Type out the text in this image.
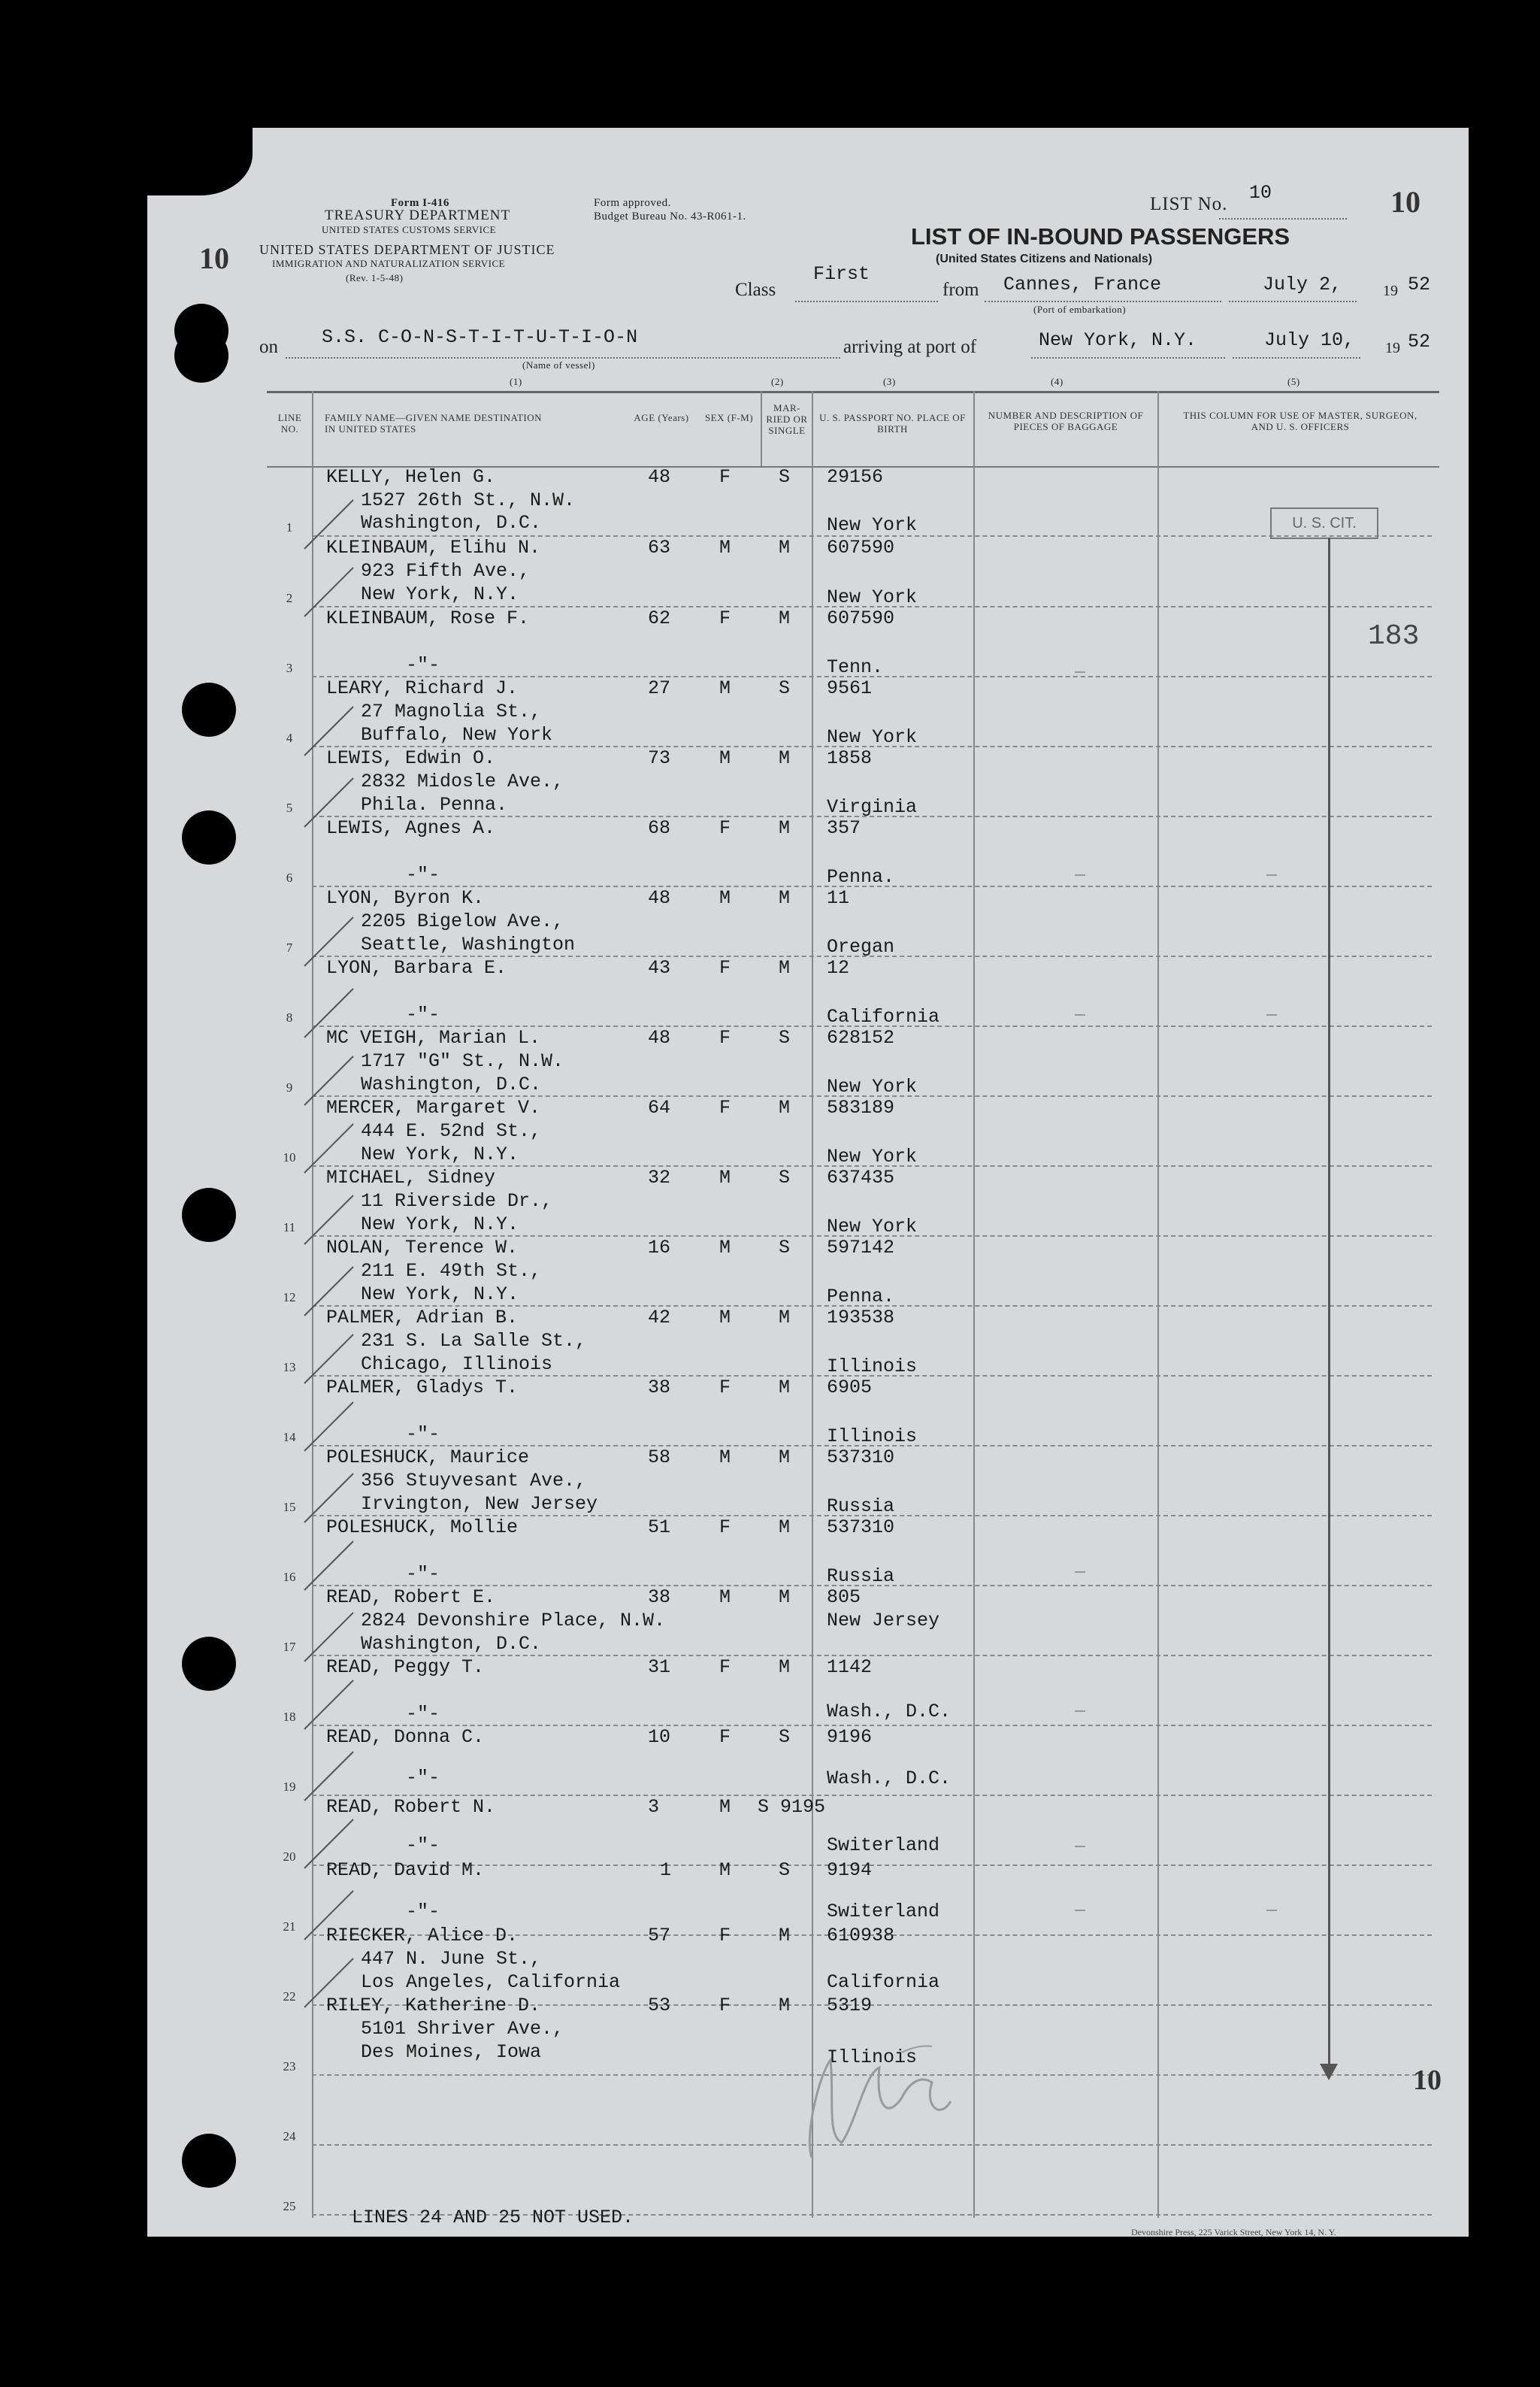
10
Form I-416
TREASURY DEPARTMENT
UNITED STATES CUSTOMS SERVICE
UNITED STATES DEPARTMENT OF JUSTICE
IMMIGRATION AND NATURALIZATION SERVICE
(Rev. 1-5-48)
Form approved.
Budget Bureau No. 43-R061-1.
LIST No.
10	10
LIST OF IN-BOUND PASSENGERS
(United States Citizens and Nationals)
Class
First
from Cannes, France	July 2,	19 52
(Port of embarkation)
on S.S. C-O-N-S-T-I-T-U-T-I-O-N
(Name of vessel)
arriving at port of	New York, N.Y.	July 10, 19 52
(1)	(2)	(3)	(4)	(5)
LINE NO.
FAMILY NAME—GIVEN NAME DESTINATION IN UNITED STATES
AGE (Years) SEX (F-M)
MAR-RIED OR SINGLE
U. S. PASSPORT NO. PLACE OF BIRTH
NUMBER AND DESCRIPTION OF PIECES OF BAGGAGE
THIS COLUMN FOR USE OF MASTER, SURGEON, AND U. S. OFFICERS
1
KELLY, Helen G.
1527 26th St., N.W.
Washington, D.C.
48	F	S 29156
New York
2
KLEINBAUM, Elihu N.
923 Fifth Ave.,
New York, N.Y.
63	M	M 607590
New York
3
KLEINBAUM, Rose F.
-"-
62	F	M 607590
Tenn.
4
LEARY, Richard J.
27 Magnolia St.,
Buffalo, New York
27	M	S 9561
New York
5
LEWIS, Edwin O.
2832 Midosle Ave.,
Phila. Penna.
73	M	M 1858
Virginia
6
LEWIS, Agnes A.
-"-
68	F	M 357
Penna.
7
LYON, Byron K.
2205 Bigelow Ave.,
Seattle, Washington
48	M	M 11
Oregan
8
LYON, Barbara E.
-"-
43	F	M 12
California
9
MC VEIGH, Marian L.
1717 "G" St., N.W.
Washington, D.C.
48	F	S 628152
New York
10
MERCER, Margaret V.
444 E. 52nd St.,
New York, N.Y.
64	F	M 583189
New York
11
MICHAEL, Sidney
11 Riverside Dr.,
New York, N.Y.
32	M	S 637435
New York
12
NOLAN, Terence W.
211 E. 49th St.,
New York, N.Y.
16	M	S 597142
Penna.
13
PALMER, Adrian B.
231 S. La Salle St.,
Chicago, Illinois
42	M	M 193538
Illinois
14
PALMER, Gladys T.
-"-
38	F	M 6905
Illinois
15
POLESHUCK, Maurice
356 Stuyvesant Ave.,
Irvington, New Jersey
58	M	M 537310
Russia
16
POLESHUCK, Mollie
-"-
51	F	M 537310
Russia
17
READ, Robert E.
2824 Devonshire Place, N.W.
Washington, D.C.
38	M	M 805
New Jersey
18
READ, Peggy T.
-"-
31	F	M 1142
Wash., D.C.
19
READ, Donna C.
-"-
10	F	S 9196
Wash., D.C.
20
READ, Robert N.
-"-
3	M S 9195
Switerland
21
READ, David M.
-"-
1	M	S 9194
Switerland
22
RIECKER, Alice D.
447 N. June St.,
Los Angeles, California
57	F	M 610938
California
23
RILEY, Katherine D.
5101 Shriver Ave.,
Des Moines, Iowa
53	F	M 5319
Illinois
24
25
U. S. CIT.
183
10
LINES 24 AND 25 NOT USED.
Devonshire Press, 225 Varick Street, New York 14, N. Y.
